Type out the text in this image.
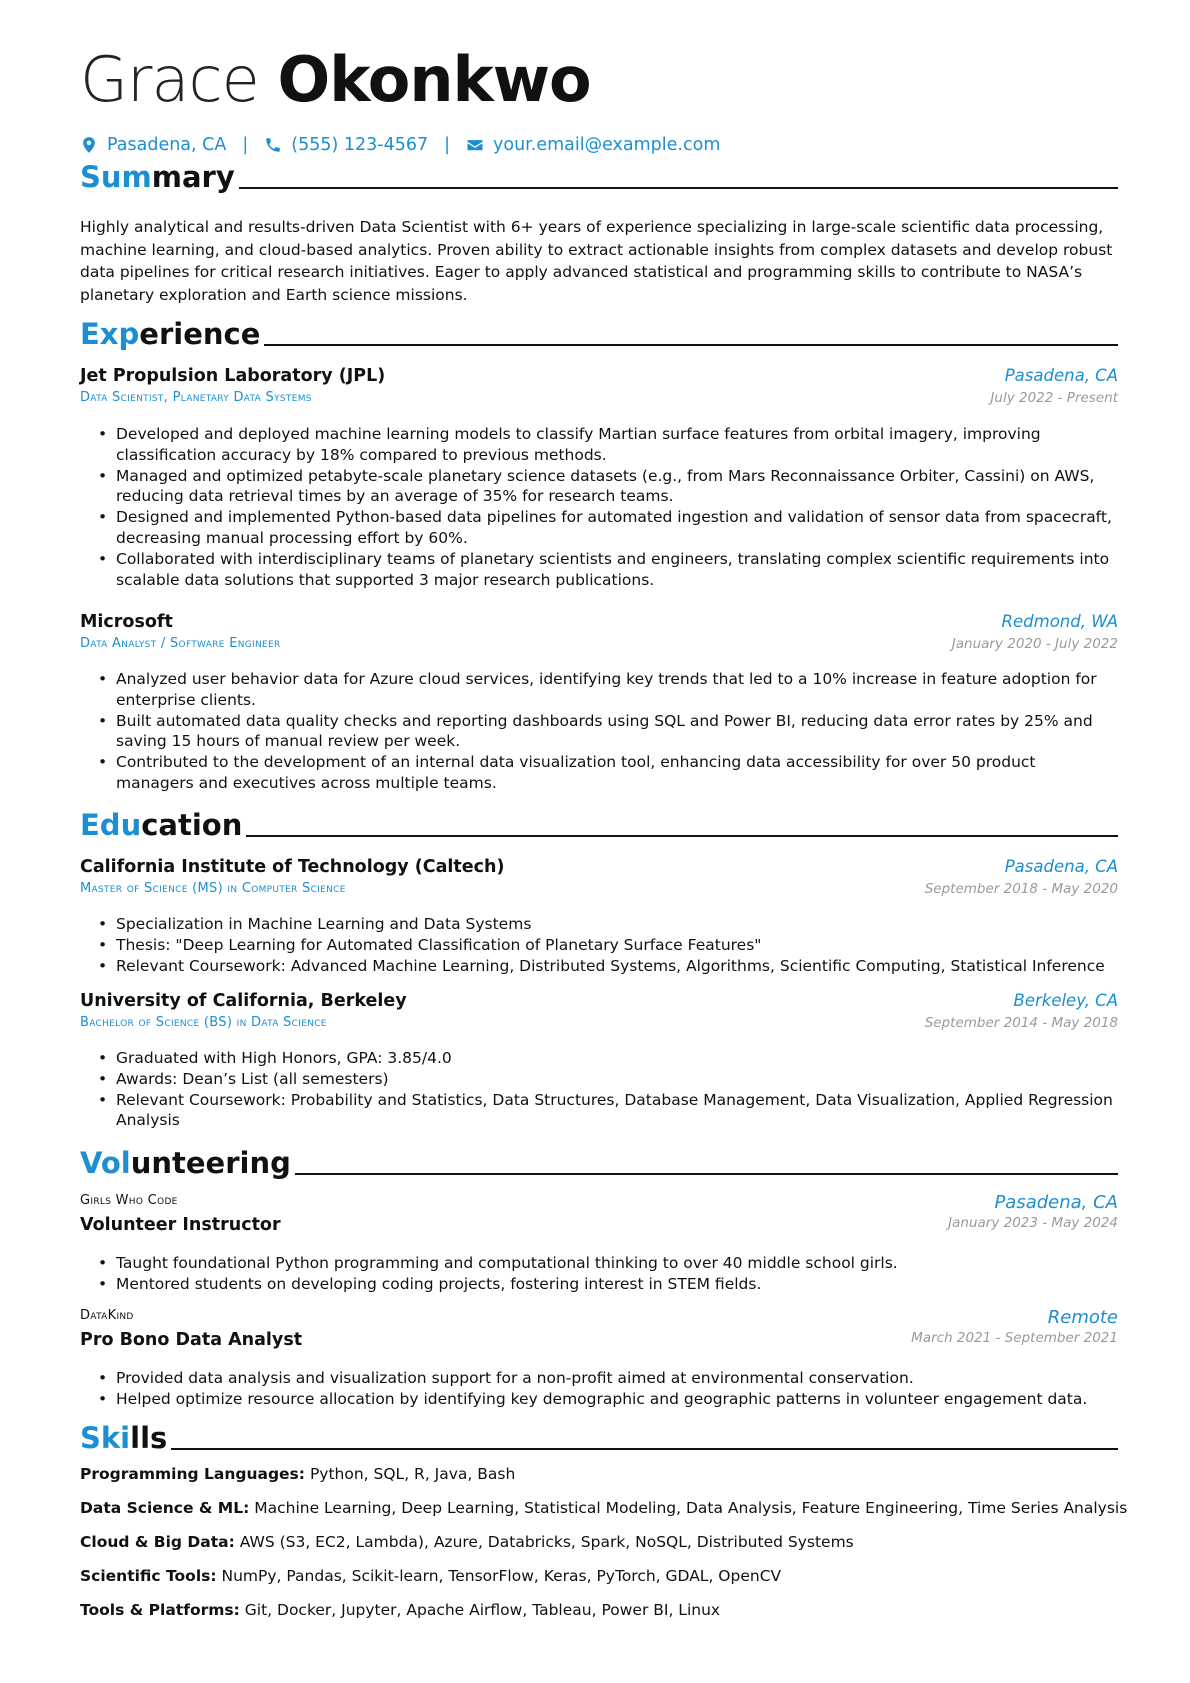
Grace Okonkwo
Pasadena, CA | (555) 123-4567 | your.email@example.com
Summary
Highly analytical and results-driven Data Scientist with 6+ years of experience specializing in large-scale scientific data processing, machine learning, and cloud-based analytics. Proven ability to extract actionable insights from complex datasets and develop robust data pipelines for critical research initiatives. Eager to apply advanced statistical and programming skills to contribute to NASA’s planetary exploration and Earth science missions.
Experience
Jet Propulsion Laboratory (JPL)	Pasadena, CA
Data Scientist, Planetary Data Systems	July 2022 - Present
• Developed and deployed machine learning models to classify Martian surface features from orbital imagery, improving classification accuracy by 18% compared to previous methods.
• Managed and optimized petabyte-scale planetary science datasets (e.g., from Mars Reconnaissance Orbiter, Cassini) on AWS, reducing data retrieval times by an average of 35% for research teams.
• Designed and implemented Python-based data pipelines for automated ingestion and validation of sensor data from spacecraft, decreasing manual processing effort by 60%.
• Collaborated with interdisciplinary teams of planetary scientists and engineers, translating complex scientific requirements into scalable data solutions that supported 3 major research publications.
Microsoft	Redmond, WA
Data Analyst / Software Engineer	January 2020 - July 2022
• Analyzed user behavior data for Azure cloud services, identifying key trends that led to a 10% increase in feature adoption for enterprise clients.
• Built automated data quality checks and reporting dashboards using SQL and Power BI, reducing data error rates by 25% and saving 15 hours of manual review per week.
• Contributed to the development of an internal data visualization tool, enhancing data accessibility for over 50 product managers and executives across multiple teams.
Education
California Institute of Technology (Caltech)	Pasadena, CA
Master of Science (MS) in Computer Science	September 2018 - May 2020
• Specialization in Machine Learning and Data Systems
• Thesis: "Deep Learning for Automated Classification of Planetary Surface Features"
• Relevant Coursework: Advanced Machine Learning, Distributed Systems, Algorithms, Scientific Computing, Statistical Inference
University of California, Berkeley	Berkeley, CA
Bachelor of Science (BS) in Data Science	September 2014 - May 2018
• Graduated with High Honors, GPA: 3.85/4.0
• Awards: Dean’s List (all semesters)
• Relevant Coursework: Probability and Statistics, Data Structures, Database Management, Data Visualization, Applied Regression Analysis
Volunteering
Girls Who Code	Pasadena, CA
Volunteer Instructor	January 2023 - May 2024
• Taught foundational Python programming and computational thinking to over 40 middle school girls.
• Mentored students on developing coding projects, fostering interest in STEM fields.
DataKind	Remote
Pro Bono Data Analyst	March 2021 - September 2021
• Provided data analysis and visualization support for a non-profit aimed at environmental conservation.
• Helped optimize resource allocation by identifying key demographic and geographic patterns in volunteer engagement data.
Skills
Programming Languages: Python, SQL, R, Java, Bash
Data Science & ML: Machine Learning, Deep Learning, Statistical Modeling, Data Analysis, Feature Engineering, Time Series Analysis
Cloud & Big Data: AWS (S3, EC2, Lambda), Azure, Databricks, Spark, NoSQL, Distributed Systems
Scientific Tools: NumPy, Pandas, Scikit-learn, TensorFlow, Keras, PyTorch, GDAL, OpenCV
Tools & Platforms: Git, Docker, Jupyter, Apache Airflow, Tableau, Power BI, Linux
